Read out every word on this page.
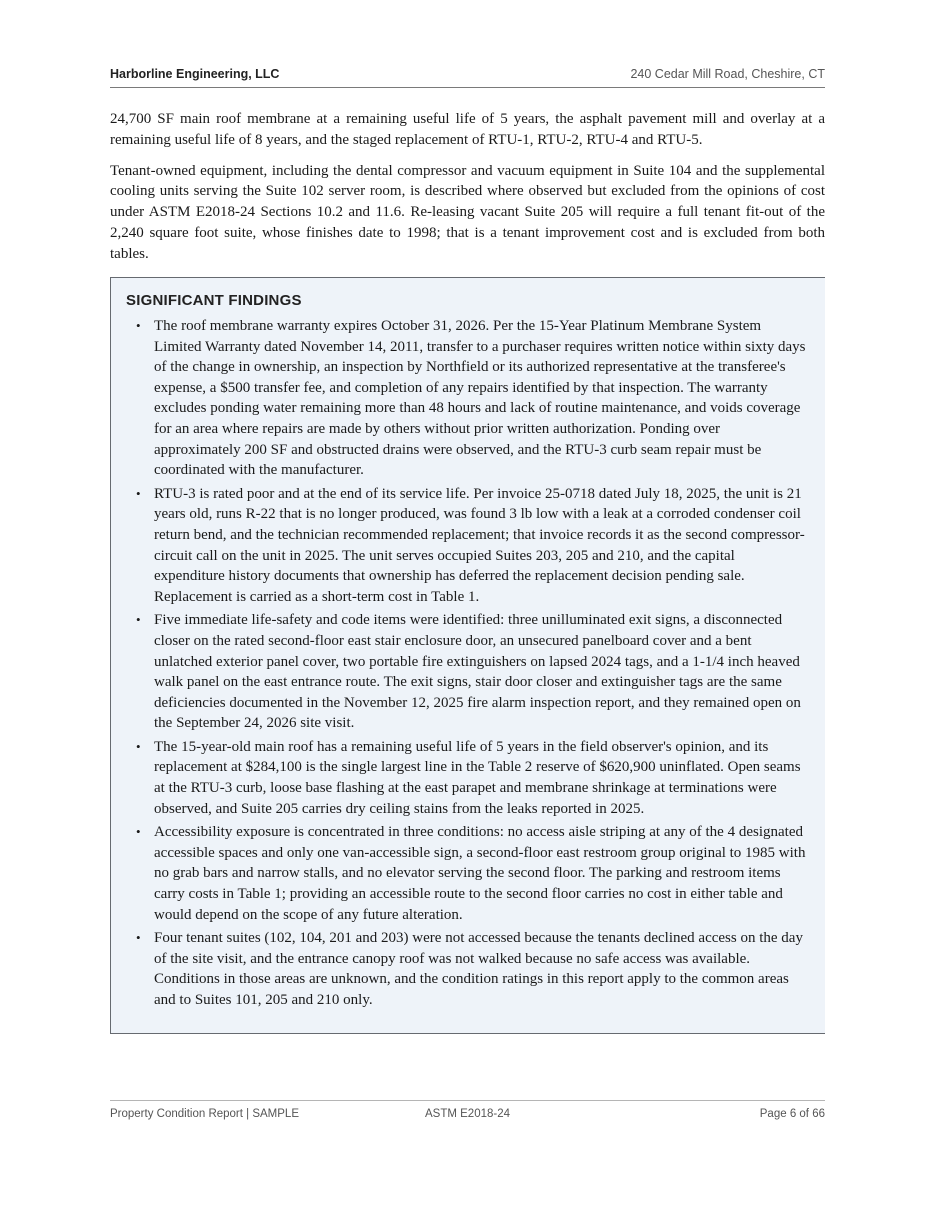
Harborline Engineering, LLC	240 Cedar Mill Road, Cheshire, CT

24,700 SF main roof membrane at a remaining useful life of 5 years, the asphalt pavement mill and overlay at a remaining useful life of 8 years, and the staged replacement of RTU-1, RTU-2, RTU-4 and RTU-5.

Tenant-owned equipment, including the dental compressor and vacuum equipment in Suite 104 and the supplemental cooling units serving the Suite 102 server room, is described where observed but excluded from the opinions of cost under ASTM E2018-24 Sections 10.2 and 11.6. Re-leasing vacant Suite 205 will require a full tenant fit-out of the 2,240 square foot suite, whose finishes date to 1998; that is a tenant improvement cost and is excluded from both tables.

SIGNIFICANT FINDINGS
• The roof membrane warranty expires October 31, 2026. Per the 15-Year Platinum Membrane System Limited Warranty dated November 14, 2011, transfer to a purchaser requires written notice within sixty days of the change in ownership, an inspection by Northfield or its authorized representative at the transferee's expense, a $500 transfer fee, and completion of any repairs identified by that inspection. The warranty excludes ponding water remaining more than 48 hours and lack of routine maintenance, and voids coverage for an area where repairs are made by others without prior written authorization. Ponding over approximately 200 SF and obstructed drains were observed, and the RTU-3 curb seam repair must be coordinated with the manufacturer.
• RTU-3 is rated poor and at the end of its service life. Per invoice 25-0718 dated July 18, 2025, the unit is 21 years old, runs R-22 that is no longer produced, was found 3 lb low with a leak at a corroded condenser coil return bend, and the technician recommended replacement; that invoice records it as the second compressor-circuit call on the unit in 2025. The unit serves occupied Suites 203, 205 and 210, and the capital expenditure history documents that ownership has deferred the replacement decision pending sale. Replacement is carried as a short-term cost in Table 1.
• Five immediate life-safety and code items were identified: three unilluminated exit signs, a disconnected closer on the rated second-floor east stair enclosure door, an unsecured panelboard cover and a bent unlatched exterior panel cover, two portable fire extinguishers on lapsed 2024 tags, and a 1-1/4 inch heaved walk panel on the east entrance route. The exit signs, stair door closer and extinguisher tags are the same deficiencies documented in the November 12, 2025 fire alarm inspection report, and they remained open on the September 24, 2026 site visit.
• The 15-year-old main roof has a remaining useful life of 5 years in the field observer's opinion, and its replacement at $284,100 is the single largest line in the Table 2 reserve of $620,900 uninflated. Open seams at the RTU-3 curb, loose base flashing at the east parapet and membrane shrinkage at terminations were observed, and Suite 205 carries dry ceiling stains from the leaks reported in 2025.
• Accessibility exposure is concentrated in three conditions: no access aisle striping at any of the 4 designated accessible spaces and only one van-accessible sign, a second-floor east restroom group original to 1985 with no grab bars and narrow stalls, and no elevator serving the second floor. The parking and restroom items carry costs in Table 1; providing an accessible route to the second floor carries no cost in either table and would depend on the scope of any future alteration.
• Four tenant suites (102, 104, 201 and 203) were not accessed because the tenants declined access on the day of the site visit, and the entrance canopy roof was not walked because no safe access was available. Conditions in those areas are unknown, and the condition ratings in this report apply to the common areas and to Suites 101, 205 and 210 only.
Property Condition Report | SAMPLE	ASTM E2018-24	Page 6 of 66
